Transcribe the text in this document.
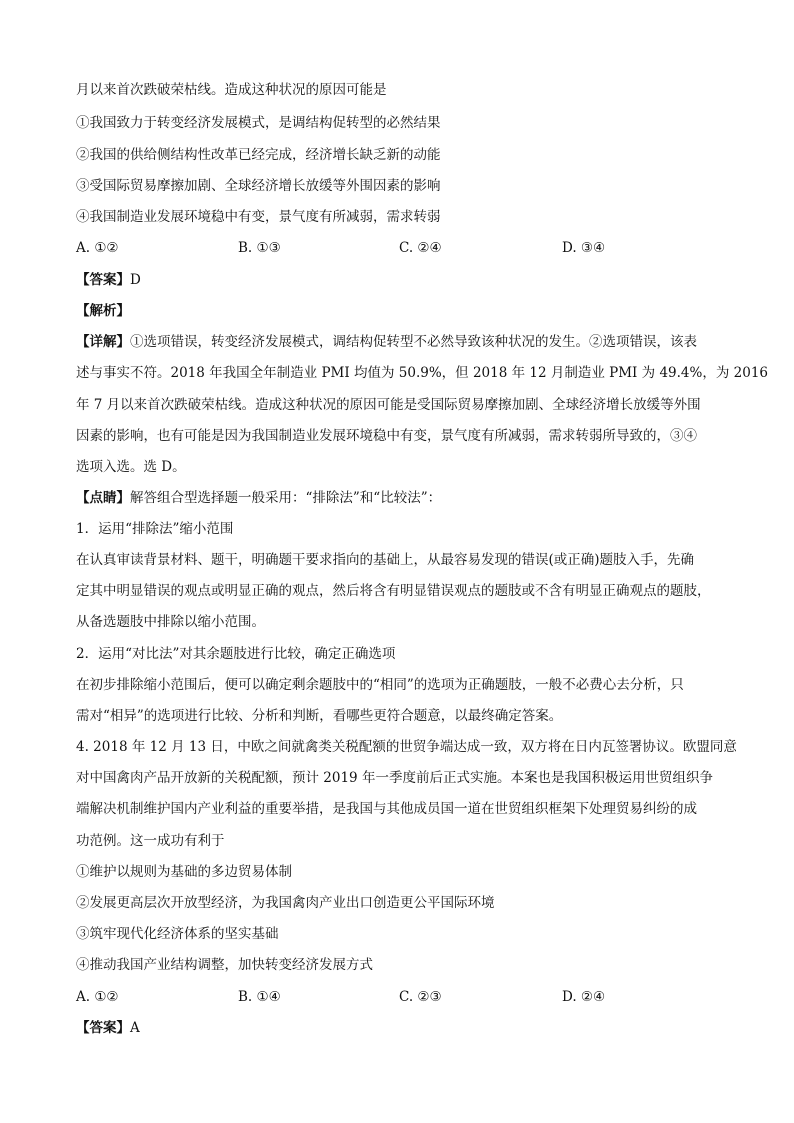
月以来首次跌破荣枯线。造成这种状况的原因可能是
①我国致力于转变经济发展模式，是调结构促转型的必然结果
②我国的供给侧结构性改革已经完成，经济增长缺乏新的动能
③受国际贸易摩擦加剧、全球经济增长放缓等外围因素的影响
④我国制造业发展环境稳中有变，景气度有所减弱，需求转弱
A. ①②	B. ①③	C. ②④	D. ③④
【答案】D
【解析】
【详解】①选项错误，转变经济发展模式，调结构促转型不必然导致该种状况的发生。②选项错误，该表
述与事实不符。2018 年我国全年制造业 PMI 均值为 50.9%，但 2018 年 12 月制造业 PMI 为 49.4%，为 2016
年 7 月以来首次跌破荣枯线。造成这种状况的原因可能是受国际贸易摩擦加剧、全球经济增长放缓等外围
因素的影响，也有可能是因为我国制造业发展环境稳中有变，景气度有所减弱，需求转弱所导致的，③④
选项入选。选 D。
【点睛】解答组合型选择题一般采用：“排除法”和“比较法”：
1．运用“排除法”缩小范围
在认真审读背景材料、题干，明确题干要求指向的基础上，从最容易发现的错误(或正确)题肢入手，先确
定其中明显错误的观点或明显正确的观点，然后将含有明显错误观点的题肢或不含有明显正确观点的题肢，
从备选题肢中排除以缩小范围。
2．运用“对比法”对其余题肢进行比较，确定正确选项
在初步排除缩小范围后，便可以确定剩余题肢中的“相同”的选项为正确题肢，一般不必费心去分析，只
需对“相异”的选项进行比较、分析和判断，看哪些更符合题意，以最终确定答案。
4. 2018 年 12 月 13 日，中欧之间就禽类关税配额的世贸争端达成一致，双方将在日内瓦签署协议。欧盟同意
对中国禽肉产品开放新的关税配额，预计 2019 年一季度前后正式实施。本案也是我国积极运用世贸组织争
端解决机制维护国内产业利益的重要举措，是我国与其他成员国一道在世贸组织框架下处理贸易纠纷的成
功范例。这一成功有利于
①维护以规则为基础的多边贸易体制
②发展更高层次开放型经济，为我国禽肉产业出口创造更公平国际环境
③筑牢现代化经济体系的坚实基础
④推动我国产业结构调整，加快转变经济发展方式
A. ①②	B. ①④	C. ②③	D. ②④
【答案】A
